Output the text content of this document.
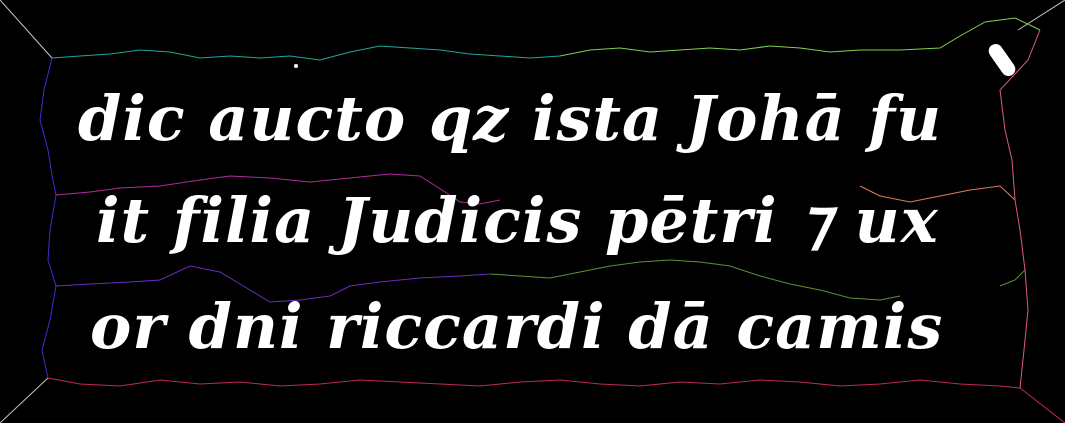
dic aucto qz ista Johā fu
it filia Judicis pētri ⁊ ux
or dni riccardi dā camis
